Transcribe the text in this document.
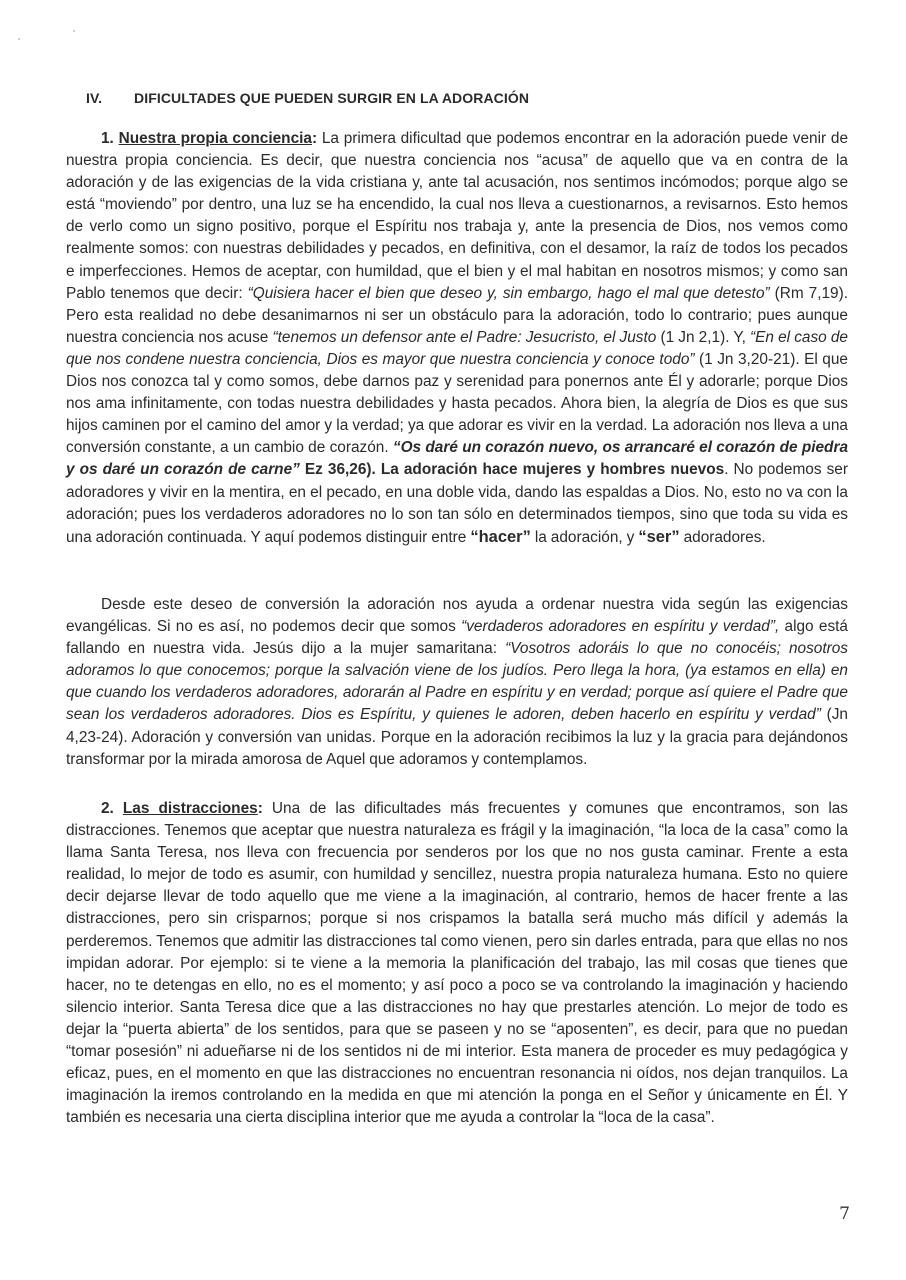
IV. DIFICULTADES QUE PUEDEN SURGIR EN LA ADORACIÓN

1. Nuestra propia conciencia: La primera dificultad que podemos encontrar en la adoración puede venir de nuestra propia conciencia. Es decir, que nuestra conciencia nos “acusa” de aquello que va en contra de la adoración y de las exigencias de la vida cristiana y, ante tal acusación, nos sentimos incómodos; porque algo se está “moviendo” por dentro, una luz se ha encendido, la cual nos lleva a cuestionarnos, a revisarnos. Esto hemos de verlo como un signo positivo, porque el Espíritu nos trabaja y, ante la presencia de Dios, nos vemos como realmente somos: con nuestras debilidades y pecados, en definitiva, con el desamor, la raíz de todos los pecados e imperfecciones. Hemos de aceptar, con humildad, que el bien y el mal habitan en nosotros mismos; y como san Pablo tenemos que decir: “Quisiera hacer el bien que deseo y, sin embargo, hago el mal que detesto” (Rm 7,19). Pero esta realidad no debe desanimarnos ni ser un obstáculo para la adoración, todo lo contrario; pues aunque nuestra conciencia nos acuse “tenemos un defensor ante el Padre: Jesucristo, el Justo (1 Jn 2,1). Y, “En el caso de que nos condene nuestra conciencia, Dios es mayor que nuestra conciencia y conoce todo” (1 Jn 3,20-21). El que Dios nos conozca tal y como somos, debe darnos paz y serenidad para ponernos ante Él y adorarle; porque Dios nos ama infinitamente, con todas nuestra debilidades y hasta pecados. Ahora bien, la alegría de Dios es que sus hijos caminen por el camino del amor y la verdad; ya que adorar es vivir en la verdad. La adoración nos lleva a una conversión constante, a un cambio de corazón. “Os daré un corazón nuevo, os arrancaré el corazón de piedra y os daré un corazón de carne” Ez 36,26). La adoración hace mujeres y hombres nuevos. No podemos ser adoradores y vivir en la mentira, en el pecado, en una doble vida, dando las espaldas a Dios. No, esto no va con la adoración; pues los verdaderos adoradores no lo son tan sólo en determinados tiempos, sino que toda su vida es una adoración continuada. Y aquí podemos distinguir entre “hacer” la adoración, y “ser” adoradores.

Desde este deseo de conversión la adoración nos ayuda a ordenar nuestra vida según las exigencias evangélicas. Si no es así, no podemos decir que somos “verdaderos adoradores en espíritu y verdad”, algo está fallando en nuestra vida. Jesús dijo a la mujer samaritana: “Vosotros adoráis lo que no conocéis; nosotros adoramos lo que conocemos; porque la salvación viene de los judíos. Pero llega la hora, (ya estamos en ella) en que cuando los verdaderos adoradores, adorarán al Padre en espíritu y en verdad; porque así quiere el Padre que sean los verdaderos adoradores. Dios es Espíritu, y quienes le adoren, deben hacerlo en espíritu y verdad” (Jn 4,23-24). Adoración y conversión van unidas. Porque en la adoración recibimos la luz y la gracia para dejándonos transformar por la mirada amorosa de Aquel que adoramos y contemplamos.

2. Las distracciones: Una de las dificultades más frecuentes y comunes que encontramos, son las distracciones. Tenemos que aceptar que nuestra naturaleza es frágil y la imaginación, “la loca de la casa” como la llama Santa Teresa, nos lleva con frecuencia por senderos por los que no nos gusta caminar. Frente a esta realidad, lo mejor de todo es asumir, con humildad y sencillez, nuestra propia naturaleza humana. Esto no quiere decir dejarse llevar de todo aquello que me viene a la imaginación, al contrario, hemos de hacer frente a las distracciones, pero sin crisparnos; porque si nos crispamos la batalla será mucho más difícil y además la perderemos. Tenemos que admitir las distracciones tal como vienen, pero sin darles entrada, para que ellas no nos impidan adorar. Por ejemplo: si te viene a la memoria la planificación del trabajo, las mil cosas que tienes que hacer, no te detengas en ello, no es el momento; y así poco a poco se va controlando la imaginación y haciendo silencio interior. Santa Teresa dice que a las distracciones no hay que prestarles atención. Lo mejor de todo es dejar la “puerta abierta” de los sentidos, para que se paseen y no se “aposenten”, es decir, para que no puedan “tomar posesión” ni adueñarse ni de los sentidos ni de mi interior. Esta manera de proceder es muy pedagógica y eficaz, pues, en el momento en que las distracciones no encuentran resonancia ni oídos, nos dejan tranquilos. La imaginación la iremos controlando en la medida en que mi atención la ponga en el Señor y únicamente en Él. Y también es necesaria una cierta disciplina interior que me ayuda a controlar la “loca de la casa”.

7
